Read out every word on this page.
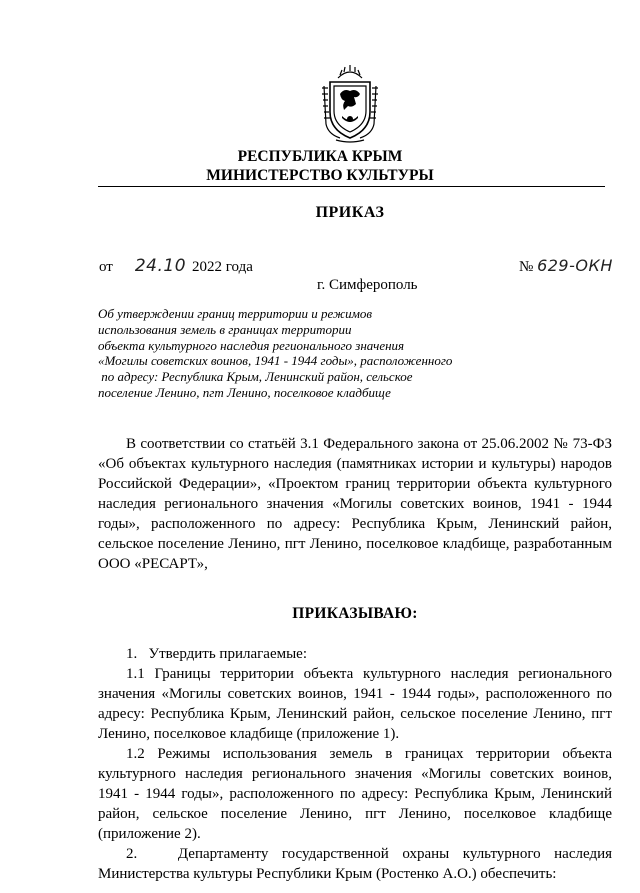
РЕСПУБЛИКА КРЫМ
МИНИСТЕРСТВО КУЛЬТУРЫ
ПРИКАЗ
от 24.10 2022 года	№ 629-ОКН
г. Симферополь
Об утверждении границ территории и режимов
использования земель в границах территории
объекта культурного наследия регионального значения
«Могилы советских воинов, 1941 - 1944 годы», расположенного
по адресу: Республика Крым, Ленинский район, сельское
поселение Ленино, пгт Ленино, поселковое кладбище
В соответствии со статьёй 3.1 Федерального закона от 25.06.2002 № 73-ФЗ «Об объектах культурного наследия (памятниках истории и культуры) народов Российской Федерации», «Проектом границ территории объекта культурного наследия регионального значения «Могилы советских воинов, 1941 - 1944 годы», расположенного по адресу: Республика Крым, Ленинский район, сельское поселение Ленино, пгт Ленино, поселковое кладбище, разработанным ООО «РЕСАРТ»,
ПРИКАЗЫВАЮ:
1.   Утвердить прилагаемые:
1.1 Границы территории объекта культурного наследия регионального значения «Могилы советских воинов, 1941 - 1944 годы», расположенного по адресу: Республика Крым, Ленинский район, сельское поселение Ленино, пгт Ленино, поселковое кладбище (приложение 1).
1.2 Режимы использования земель в границах территории объекта культурного наследия регионального значения «Могилы советских воинов, 1941 - 1944 годы», расположенного по адресу: Республика Крым, Ленинский район, сельское поселение Ленино, пгт Ленино, поселковое кладбище (приложение 2).
2.   Департаменту государственной охраны культурного наследия Министерства культуры Республики Крым (Ростенко А.О.) обеспечить:
